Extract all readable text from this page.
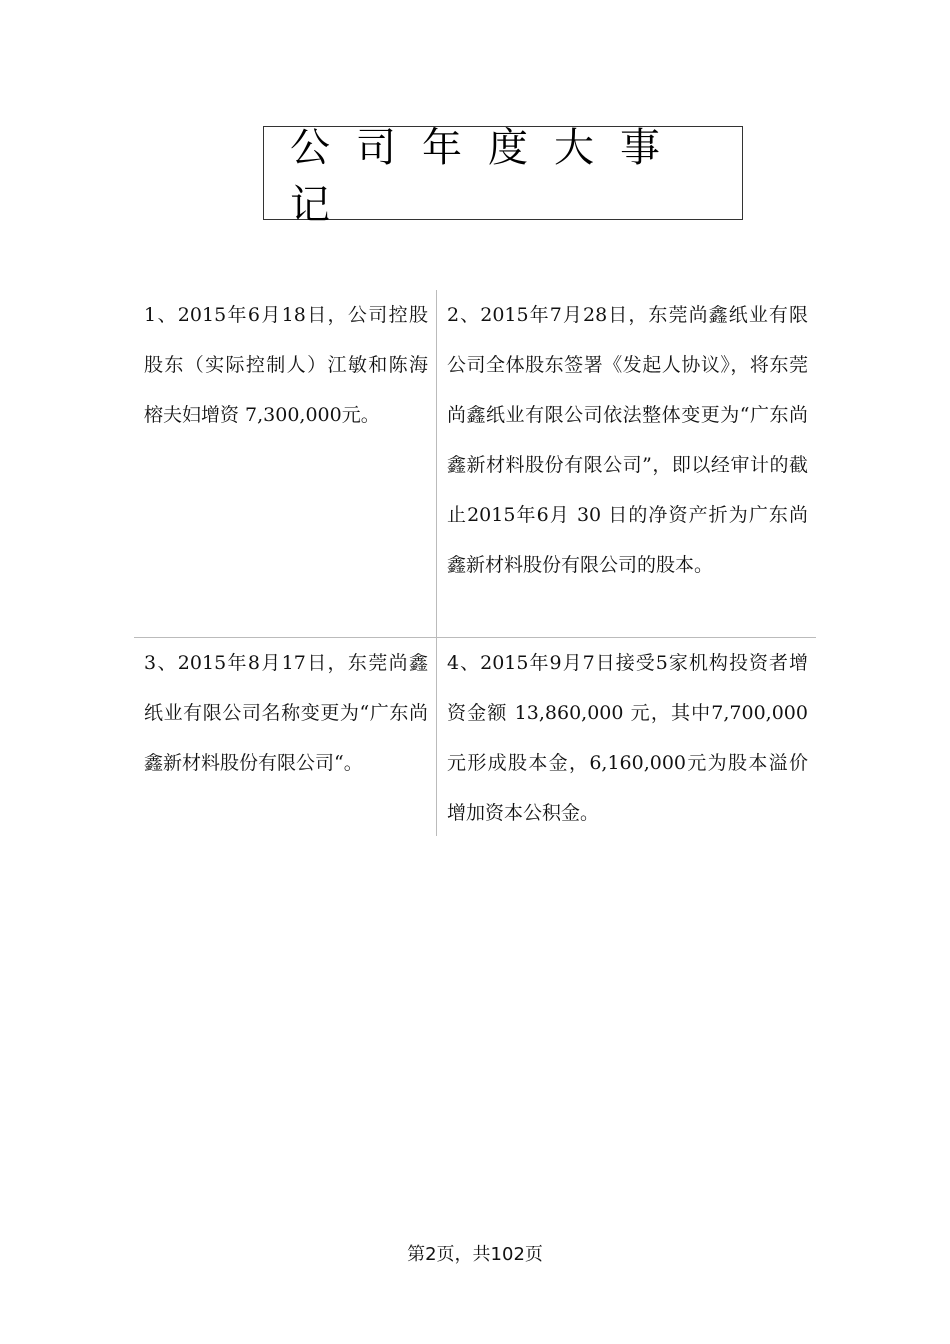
公司年度大事记
1、2015年6月18日，公司控股股东（实际控制人）江敏和陈海榕夫妇增资 7,300,000元。
2、2015年7月28日，东莞尚鑫纸业有限公司全体股东签署《发起人协议》，将东莞尚鑫纸业有限公司依法整体变更为“广东尚鑫新材料股份有限公司”，即以经审计的截止2015年6月 30 日的净资产折为广东尚鑫新材料股份有限公司的股本。
3、2015年8月17日，东莞尚鑫纸业有限公司名称变更为“广东尚鑫新材料股份有限公司“。
4、2015年9月7日接受5家机构投资者增资金额 13,860,000 元，其中7,700,000元形成股本金，6,160,000元为股本溢价增加资本公积金。
第2页，共102页
